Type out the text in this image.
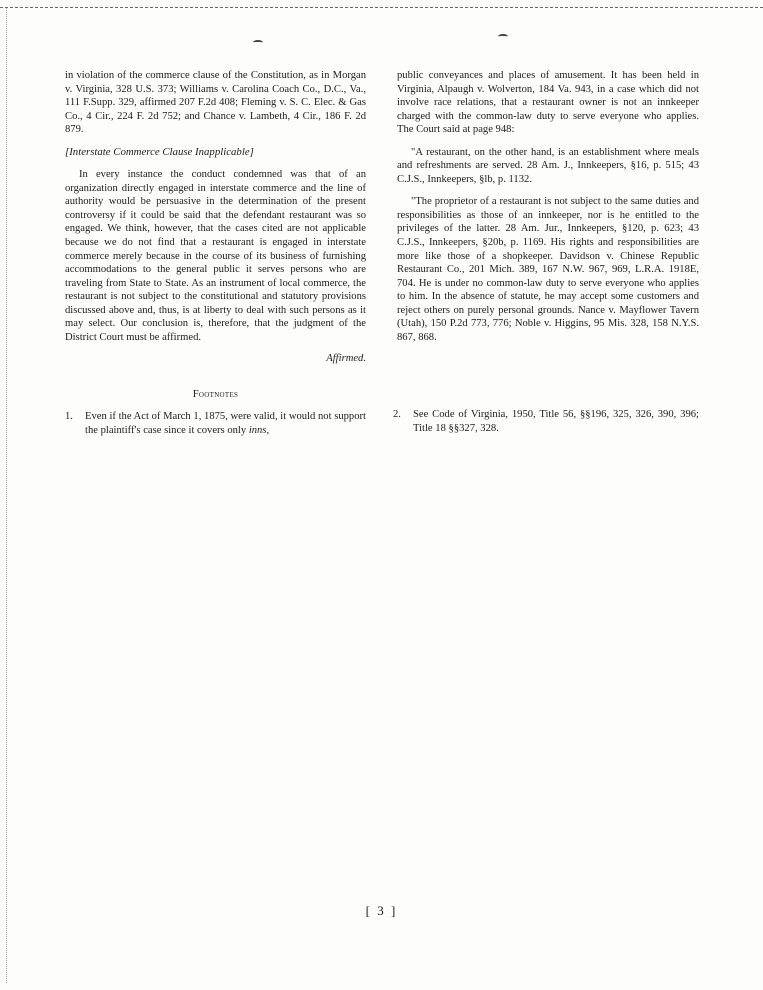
in violation of the commerce clause of the Constitution, as in Morgan v. Virginia, 328 U.S. 373; Williams v. Carolina Coach Co., D.C., Va., 111 F.Supp. 329, affirmed 207 F.2d 408; Fleming v. S. C. Elec. & Gas Co., 4 Cir., 224 F. 2d 752; and Chance v. Lambeth, 4 Cir., 186 F. 2d 879.

[Interstate Commerce Clause Inapplicable]

In every instance the conduct condemned was that of an organization directly engaged in interstate commerce and the line of authority would be persuasive in the determination of the present controversy if it could be said that the defendant restaurant was so engaged. We think, however, that the cases cited are not applicable because we do not find that a restaurant is engaged in interstate commerce merely because in the course of its business of furnishing accommodations to the general public it serves persons who are traveling from State to State. As an instrument of local commerce, the restaurant is not subject to the constitutional and statutory provisions discussed above and, thus, is at liberty to deal with such persons as it may select. Our conclusion is, therefore, that the judgment of the District Court must be affirmed.

Affirmed.

Footnotes

1.	Even if the Act of March 1, 1875, were valid, it would not support the plaintiff's case since it covers only inns,

public conveyances and places of amusement. It has been held in Virginia, Alpaugh v. Wolverton, 184 Va. 943, in a case which did not involve race relations, that a restaurant owner is not an innkeeper charged with the common-law duty to serve everyone who applies. The Court said at page 948:

"A restaurant, on the other hand, is an establishment where meals and refreshments are served. 28 Am. J., Innkeepers, §16, p. 515; 43 C.J.S., Innkeepers, §lb, p. 1132.

"The proprietor of a restaurant is not subject to the same duties and responsibilities as those of an innkeeper, nor is he entitled to the privileges of the latter. 28 Am. Jur., Innkeepers, §120, p. 623; 43 C.J.S., Innkeepers, §20b, p. 1169. His rights and responsibilities are more like those of a shopkeeper. Davidson v. Chinese Republic Restaurant Co., 201 Mich. 389, 167 N.W. 967, 969, L.R.A. 1918E, 704. He is under no common-law duty to serve everyone who applies to him. In the absence of statute, he may accept some customers and reject others on purely personal grounds. Nance v. Mayflower Tavern (Utah), 150 P.2d 773, 776; Noble v. Higgins, 95 Mis. 328, 158 N.Y.S. 867, 868.

2.	See Code of Virginia, 1950, Title 56, §§196, 325, 326, 390, 396; Title 18 §§327, 328.

[ 3 ]
